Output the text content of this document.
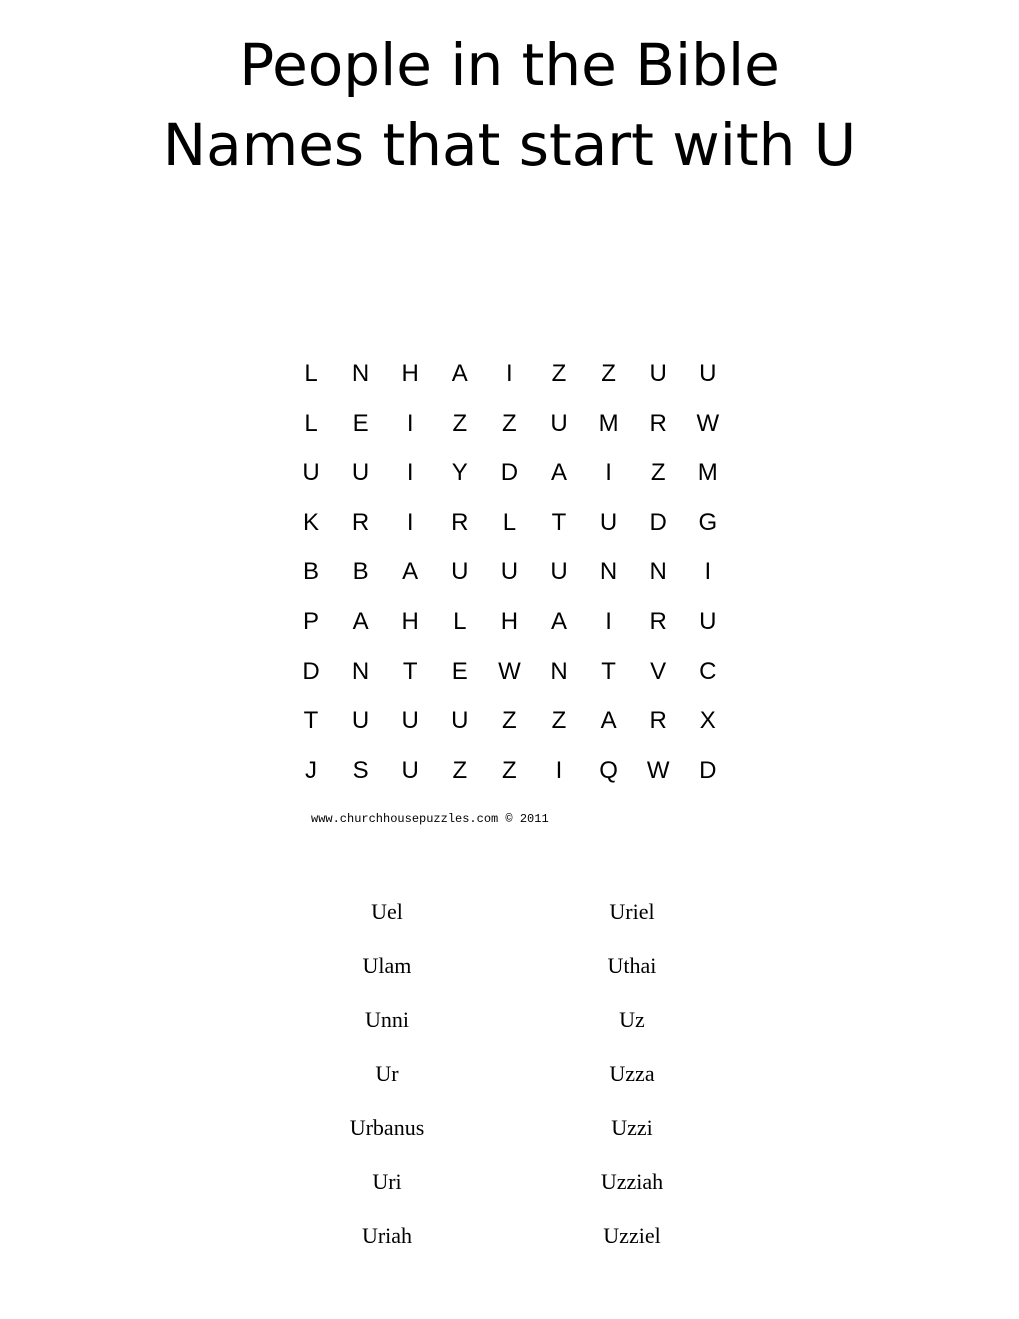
People in the Bible
Names that start with U
L	N	H	A	I	Z	Z	U	U
L	E	I	Z	Z	U	M	R	W
U	U	I	Y	D	A	I	Z	M
K	R	I	R	L	T	U	D	G
B	B	A	U	U	U	N	N	I
P	A	H	L	H	A	I	R	U
D	N	T	E	W	N	T	V	C
T	U	U	U	Z	Z	A	R	X
J	S	U	Z	Z	I	Q	W	D
www.churchhousepuzzles.com © 2011
Uel
Ulam
Unni
Ur
Urbanus
Uri
Uriah
Uriel
Uthai
Uz
Uzza
Uzzi
Uzziah
Uzziel
